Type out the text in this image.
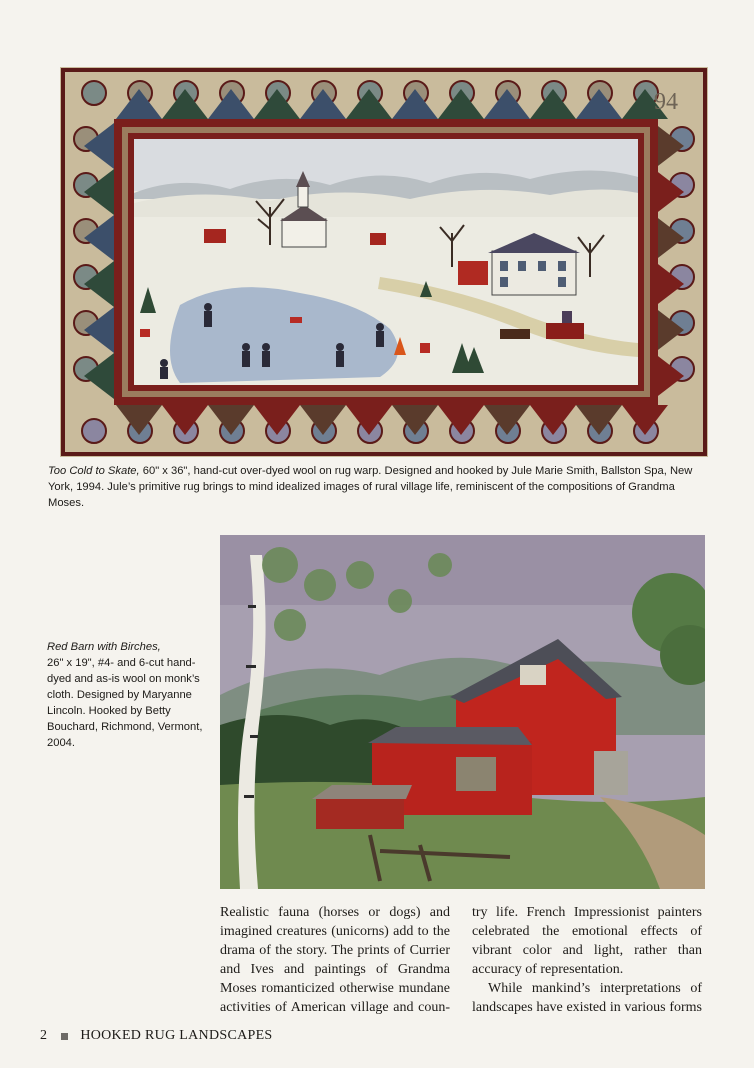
94
Too Cold to Skate, 60" x 36", hand-cut over-dyed wool on rug warp. Designed and hooked by Jule Marie Smith, Ballston Spa, New York, 1994. Jule’s primitive rug brings to mind idealized images of rural village life, reminiscent of the compositions of Grandma Moses.
Red Barn with Birches,
26" x 19", #4- and 6-cut hand-dyed and as-is wool on monk’s cloth. Designed by Maryanne Lincoln. Hooked by Betty Bouchard, Richmond, Vermont, 2004.

Realistic fauna (horses or dogs) and imagined creatures (unicorns) add to the drama of the story. The prints of Currier and Ives and paintings of Grandma Moses romanticized otherwise mundane activities of American village and coun-

try life. French Impressionist painters celebrated the emotional effects of vibrant color and light, rather than accuracy of representation.

While mankind’s interpretations of landscapes have existed in various forms

2 HOOKED RUG LANDSCAPES
